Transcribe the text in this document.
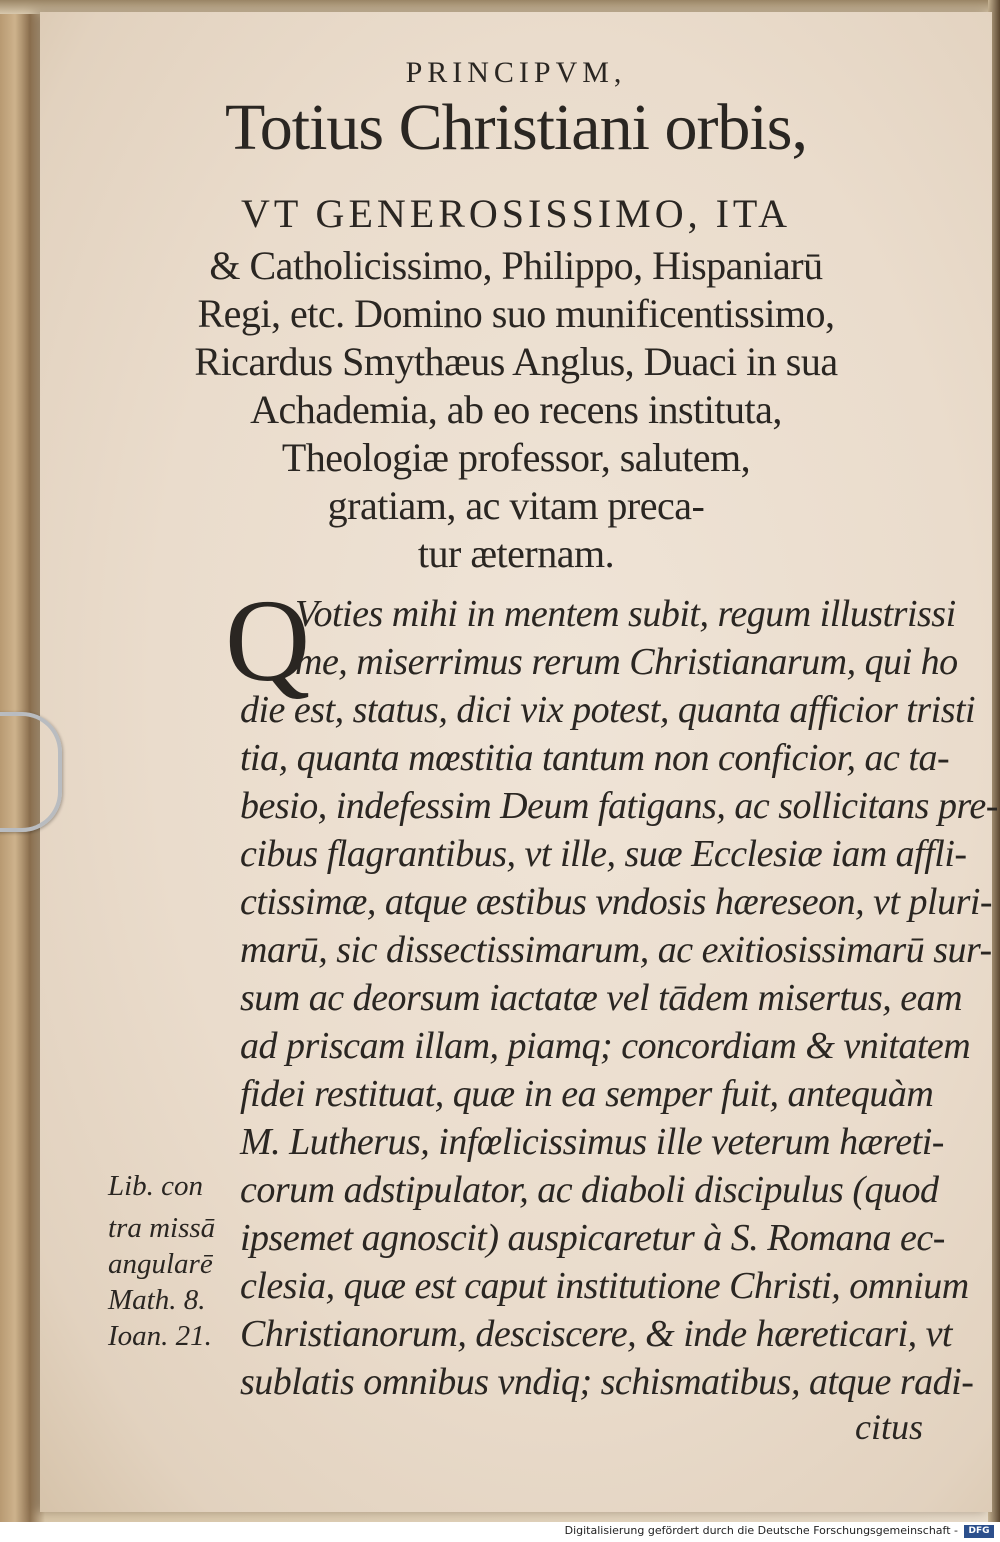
PRINCIPVM,
Totius Christiani orbis,
VT GENEROSISSIMO, ITA
& Catholicissimo, Philippo, Hispaniarū
Regi, etc. Domino suo munificentissimo,
Ricardus Smythæus Anglus, Duaci in sua
Achademia, ab eo recens instituta,
Theologiæ professor, salutem,
gratiam, ac vitam preca-
tur æternam.
Q
Voties mihi in mentem subit, regum illustrissi
me, miserrimus rerum Christianarum, qui ho
die est, status, dici vix potest, quanta afficior tristi
tia, quanta mœstitia tantum non conficior, ac ta-
besio, indefessim Deum fatigans, ac sollicitans pre-
cibus flagrantibus, vt ille, suæ Ecclesiæ iam affli-
ctissimæ, atque æstibus vndosis hæreseon, vt pluri-
marū, sic dissectissimarum, ac exitiosissimarū sur-
sum ac deorsum iactatæ vel tādem misertus, eam
ad priscam illam, piamq; concordiam & vnitatem
fidei restituat, quæ in ea semper fuit, antequàm
M. Lutherus, infœlicissimus ille veterum hæreti-
corum adstipulator, ac diaboli discipulus (quod
ipsemet agnoscit) auspicaretur à S. Romana ec-
clesia, quæ est caput institutione Christi, omnium
Christianorum, desciscere, & inde hæreticari, vt
sublatis omnibus vndiq; schismatibus, atque radi-
citus
Lib. con
tra missā
angularē
Math. 8.
Ioan. 21.
Digitalisierung gefördert durch die Deutsche Forschungsgemeinschaft -	DFG
